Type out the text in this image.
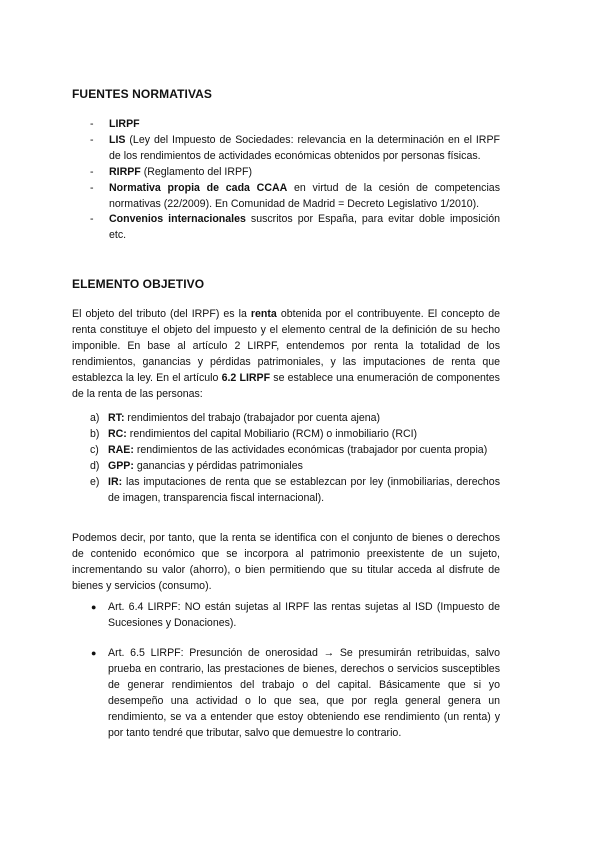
FUENTES NORMATIVAS
- LIRPF
- LIS (Ley del Impuesto de Sociedades: relevancia en la determinación en el IRPF de los rendimientos de actividades económicas obtenidos por personas físicas.
- RIRPF (Reglamento del IRPF)
- Normativa propia de cada CCAA en virtud de la cesión de competencias normativas (22/2009). En Comunidad de Madrid = Decreto Legislativo 1/2010).
- Convenios internacionales suscritos por España, para evitar doble imposición etc.
ELEMENTO OBJETIVO

El objeto del tributo (del IRPF) es la renta obtenida por el contribuyente. El concepto de renta constituye el objeto del impuesto y el elemento central de la definición de su hecho imponible. En base al artículo 2 LIRPF, entendemos por renta la totalidad de los rendimientos, ganancias y pérdidas patrimoniales, y las imputaciones de renta que establezca la ley. En el artículo 6.2 LIRPF se establece una enumeración de componentes de la renta de las personas:

a) RT: rendimientos del trabajo (trabajador por cuenta ajena)
b) RC: rendimientos del capital Mobiliario (RCM) o inmobiliario (RCI)
c) RAE: rendimientos de las actividades económicas (trabajador por cuenta propia)
d) GPP: ganancias y pérdidas patrimoniales
e) IR: las imputaciones de renta que se establezcan por ley (inmobiliarias, derechos de imagen, transparencia fiscal internacional).

Podemos decir, por tanto, que la renta se identifica con el conjunto de bienes o derechos de contenido económico que se incorpora al patrimonio preexistente de un sujeto, incrementando su valor (ahorro), o bien permitiendo que su titular acceda al disfrute de bienes y servicios (consumo).

● Art. 6.4 LIRPF: NO están sujetas al IRPF las rentas sujetas al ISD (Impuesto de Sucesiones y Donaciones).
● Art. 6.5 LIRPF: Presunción de onerosidad → Se presumirán retribuidas, salvo prueba en contrario, las prestaciones de bienes, derechos o servicios susceptibles de generar rendimientos del trabajo o del capital. Básicamente que si yo desempeño una actividad o lo que sea, que por regla general genera un rendimiento, se va a entender que estoy obteniendo ese rendimiento (un renta) y por tanto tendré que tributar, salvo que demuestre lo contrario.
